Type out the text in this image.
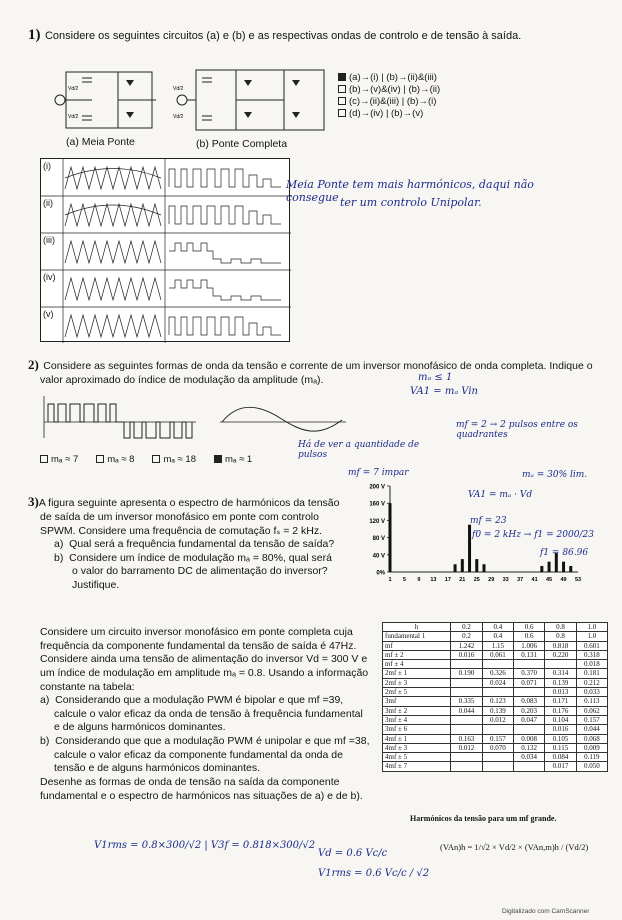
1) Considere os seguintes circuitos (a) e (b) e as respectivas ondas de controlo e de tensão à saída.
Vd/2
Vd/2
(a) Meia Ponte
Vd/2
Vd/2
(b) Ponte Completa
(a)→(i) | (b)→(ii)&(iii)
(b)→(v)&(iv) | (b)→(ii)
(c)→(ii)&(iii) | (b)→(i)
(d)→(iv) | (b)→(v)
(i)
(ii)
(iii)
(iv)
(v)
Meia Ponte tem mais harmónicos, daqui não consegue ter um controlo Unipolar.
2) Considere as seguintes formas de onda da tensão e corrente de um inversor monofásico de onda completa. Indique o
valor aproximado do índice de modulação da amplitude (mₐ).
mₐ ≈ 7	mₐ ≈ 8	mₐ ≈ 18	mₐ ≈ 1
mₐ ≤ 1
VA1 = mₐ Vin
mf = 7 impar
Há de ver a quantidade de pulsos
mf = 2 → 2 pulsos entre os quadrantes
mₐ = 30% lim.
3)A figura seguinte apresenta o espectro de harmónicos da tensão
de saída de um inversor monofásico em ponte com controlo
SPWM. Considere uma frequência de comutação fₛ = 2 kHz.
a)  Qual será a frequência fundamental da tensão de saída?
b)  Considere um índice de modulação mₐ = 80%, qual será
o valor do barramento DC de alimentação do inversor?
Justifique.
0%
40 V
80 V
120 V
160 V
200 V
1 5 9 13 17 21 25 29 33 37 41 45 49 53
VA1 = mₐ · Vd
mf = 23
f0 = 2 kHz → f1 = 2000/23
f1 = 86.96
Considere um circuito inversor monofásico em ponte completa cuja
frequência da componente fundamental da tensão de saída é 47Hz.
Considere ainda uma tensão de alimentação do inversor Vd = 300 V e
um índice de modulação em amplitude mₐ = 0.8. Usando a informação
constante na tabela:
a)  Considerando que a modulação PWM é bipolar e que mf =39,
calcule o valor eficaz da onda de tensão à frequência fundamental
e de alguns harmónicos dominantes.
b)  Considerando que que a modulação PWM é unipolar e que mf =38,
calcule o valor eficaz da componente fundamental da onda de
tensão e de alguns harmónicos dominantes.
Desenhe as formas de onda de tensão na saída da componente
fundamental e o espectro de harmónicos nas situações de a) e de b).
h	0.2	0.4	0.6	0.8	1.0
fundamental 1	0.2	0.4	0.6	0.8	1.0
mf	1.242	1.15	1.006	0.818	0.601
mf ± 2	0.016	0.061	0.131	0.220	0.318
mf ± 4					0.018
2mf ± 1	0.190	0.326	0.370	0.314	0.181
2mf ± 3		0.024	0.071	0.139	0.212
2mf ± 5				0.013	0.033
3mf	0.335	0.123	0.083	0.171	0.113
3mf ± 2	0.044	0.139	0.203	0.176	0.062
3mf ± 4		0.012	0.047	0.104	0.157
3mf ± 6				0.016	0.044
4mf ± 1	0.163	0.157	0.008	0.105	0.068
4mf ± 3	0.012	0.070	0.132	0.115	0.009
4mf ± 5			0.034	0.084	0.119
4mf ± 7				0.017	0.050
Harmónicos da tensão para um mf grande.
(VAn)h = 1/√2 × Vd/2 × (VAn,m)h / (Vd/2)
V1rms = 0.8×300/√2 | V3f = 0.818×300/√2
Vd = 0.6 Vc/c
V1rms = 0.6 Vc/c / √2
Digitalizado com CamScanner
